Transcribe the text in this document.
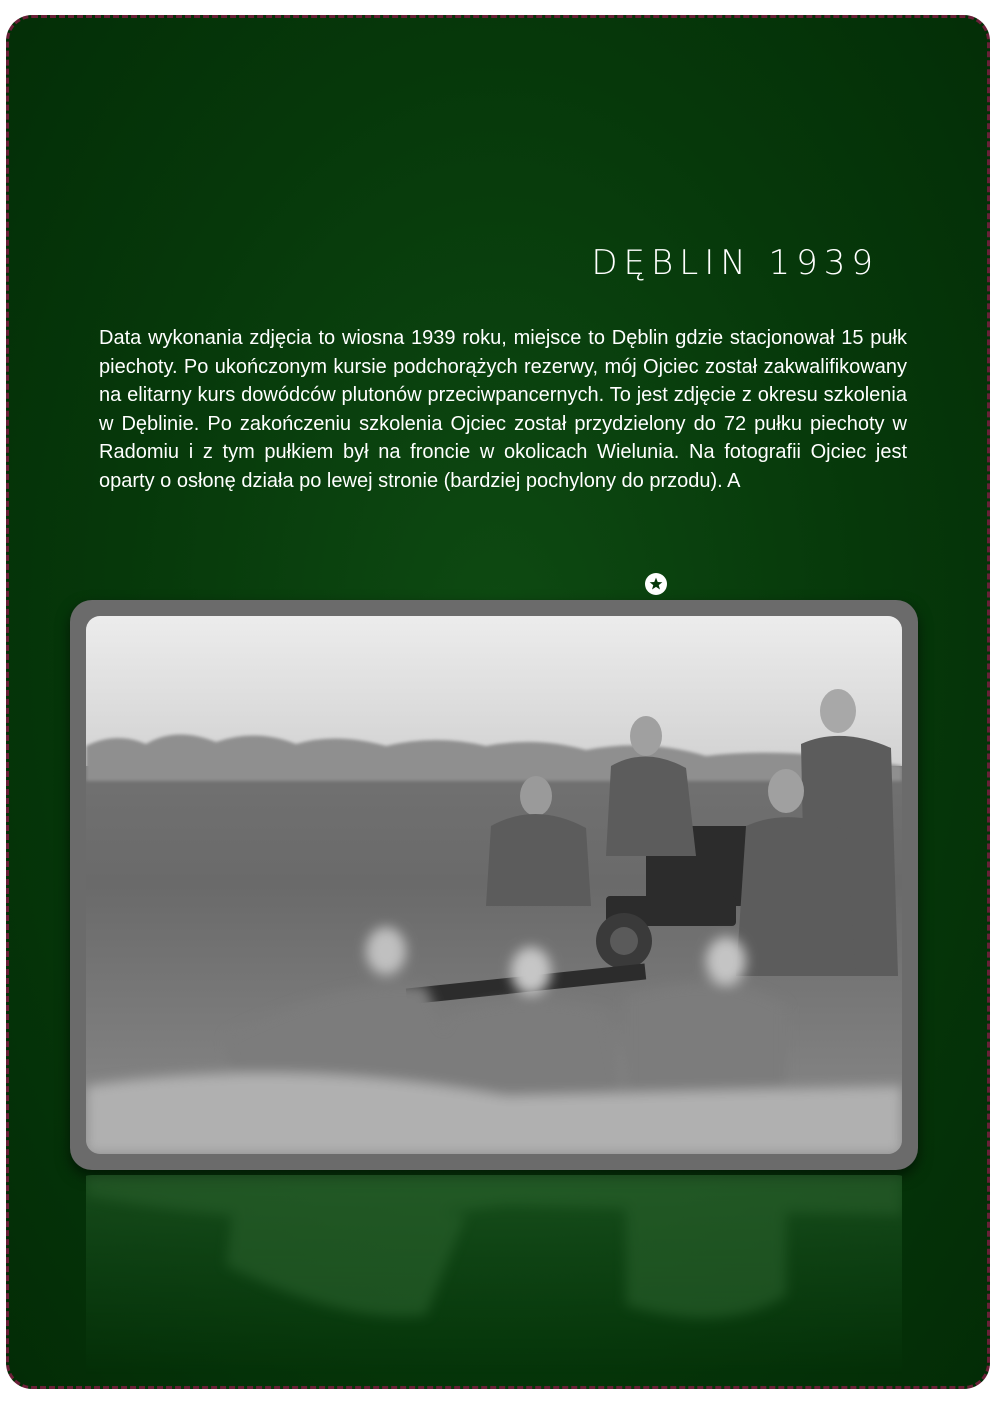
DĘBLIN 1939

Data wykonania zdjęcia to wiosna 1939 roku, miejsce to Dęblin gdzie stacjonował 15 pułk piechoty. Po ukończonym kursie podchorążych rezerwy, mój Ojciec został zakwalifikowany na elitarny kurs dowódców plutonów przeciwpancernych. To jest zdjęcie z okresu szkolenia w Dęblinie. Po zakończeniu szkolenia Ojciec został przydzielony do 72 pułku piechoty w Radomiu i z tym pułkiem był na froncie w okolicach Wielunia. Na fotografii Ojciec jest oparty o osłonę działa po lewej stronie (bardziej pochylony do przodu). A
